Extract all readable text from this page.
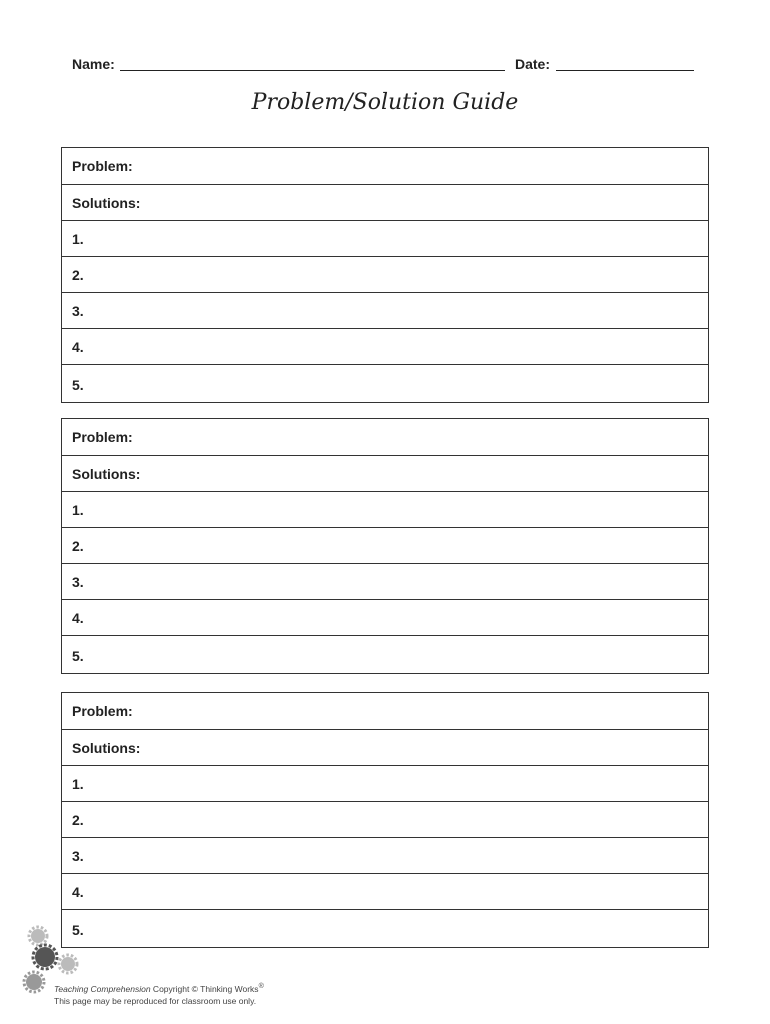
Name:	Date:
Problem/Solution Guide
Problem:
Solutions:
1.
2.
3.
4.
5.
Problem:
Solutions:
1.
2.
3.
4.
5.
Problem:
Solutions:
1.
2.
3.
4.
5.
Teaching Comprehension Copyright © Thinking Works®
This page may be reproduced for classroom use only.
